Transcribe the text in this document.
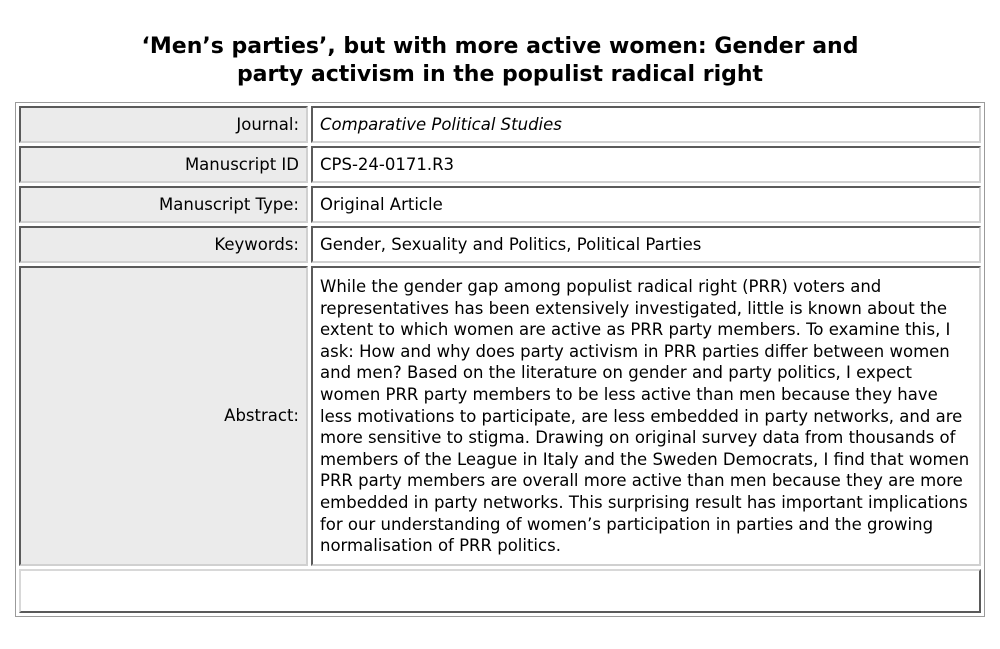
‘Men’s parties’, but with more active women: Gender and
party activism in the populist radical right
Journal:	Comparative Political Studies
Manuscript ID	CPS-24-0171.R3
Manuscript Type:	Original Article
Keywords:	Gender, Sexuality and Politics, Political Parties
Abstract:	While the gender gap among populist radical right (PRR) voters and representatives has been extensively investigated, little is known about the extent to which women are active as PRR party members. To examine this, I ask: How and why does party activism in PRR parties differ between women and men? Based on the literature on gender and party politics, I expect women PRR party members to be less active than men because they have less motivations to participate, are less embedded in party networks, and are more sensitive to stigma. Drawing on original survey data from thousands of members of the League in Italy and the Sweden Democrats, I find that women PRR party members are overall more active than men because they are more embedded in party networks. This surprising result has important implications for our understanding of women’s participation in parties and the growing normalisation of PRR politics.
